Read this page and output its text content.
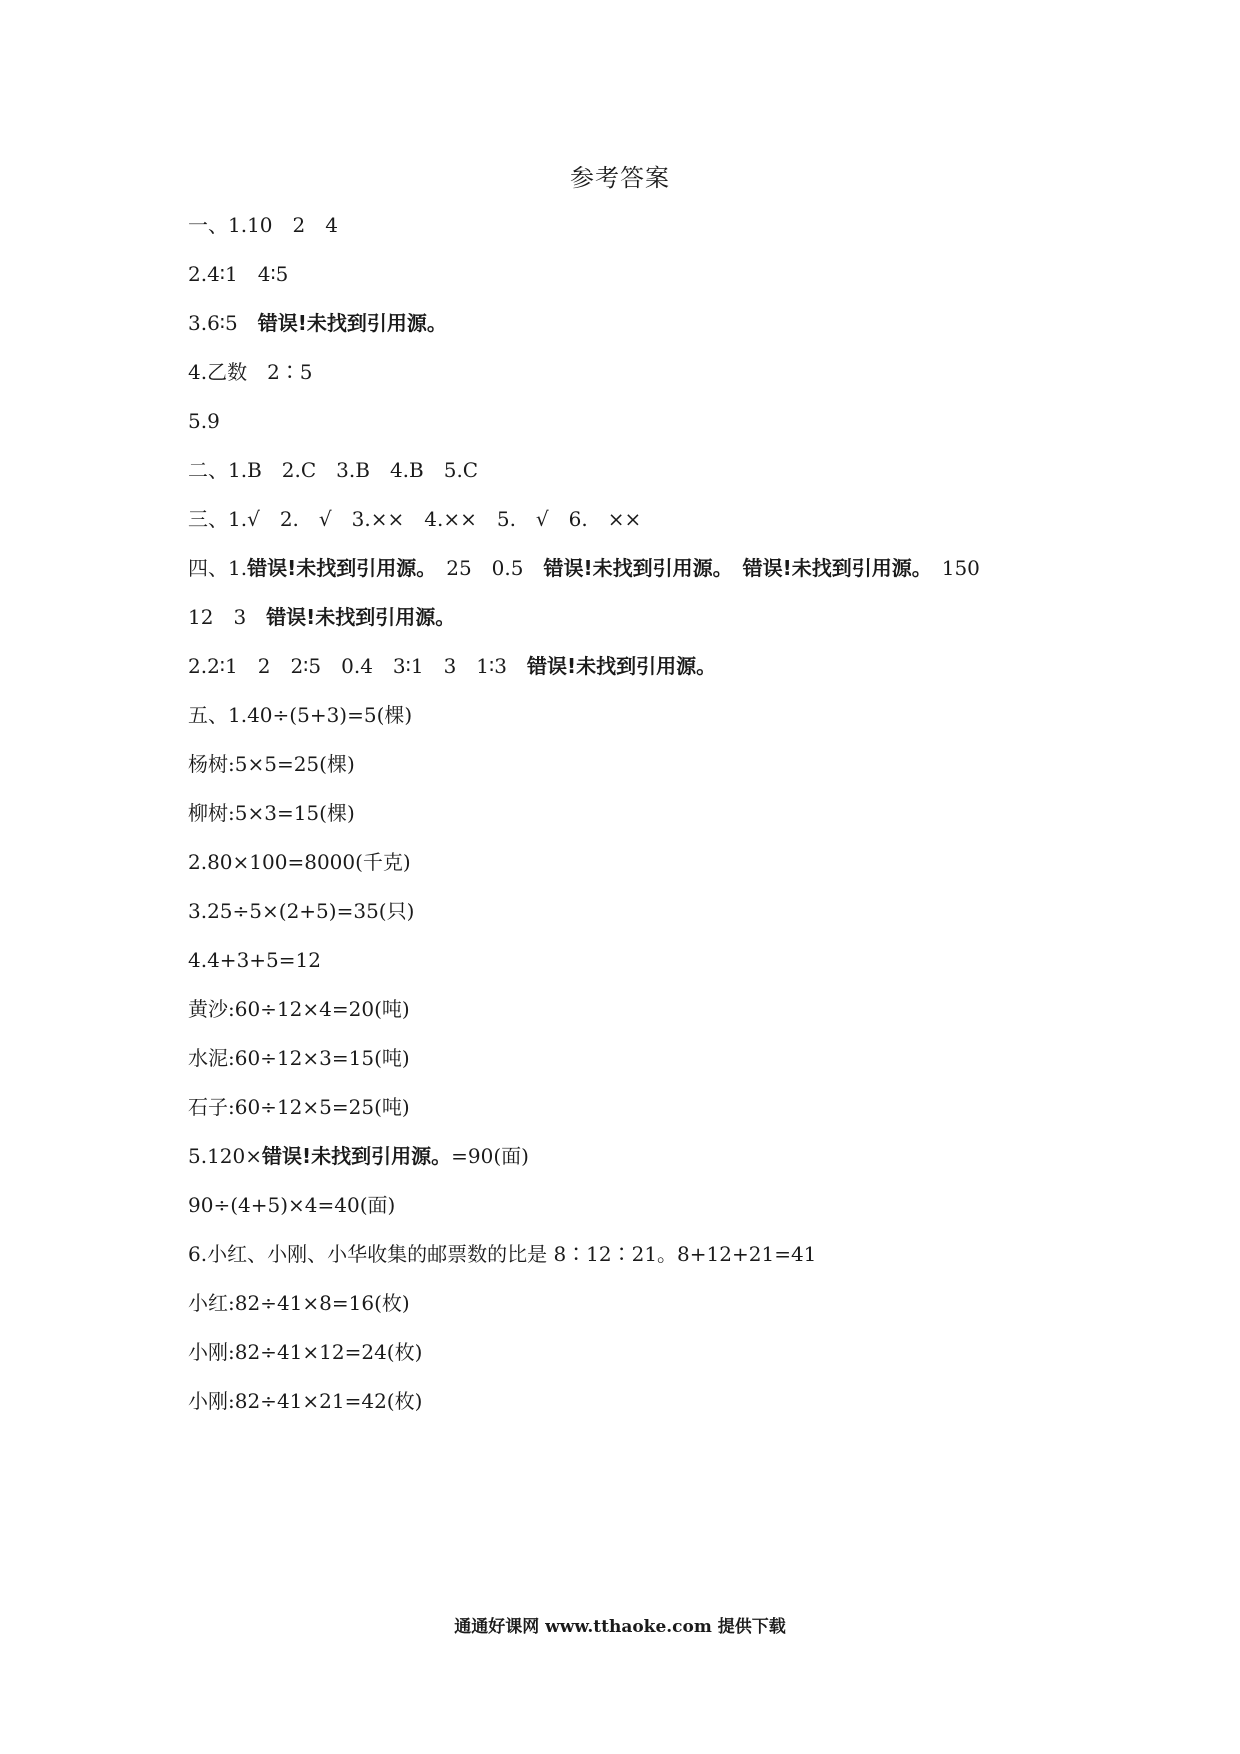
参考答案
一、1.10　2　4
2.4∶1　4∶5
3.6∶5　错误!未找到引用源。
4.乙数　2∶5
5.9
二、1.B　2.C　3.B　4.B　5.C
三、1.√　2.　√　3.××　4.××　5.　√　6.　××
四、1.错误!未找到引用源。　25　0.5　错误!未找到引用源。　 错误!未找到引用源。　150
12　3　错误!未找到引用源。
2.2∶1　2　2∶5　0.4　3∶1　3　1∶3　错误!未找到引用源。
五、1.40÷(5+3)=5(棵)
杨树:5×5=25(棵)
柳树:5×3=15(棵)
2.80×100=8000(千克)
3.25÷5×(2+5)=35(只)
4.4+3+5=12
黄沙:60÷12×4=20(吨)
水泥:60÷12×3=15(吨)
石子:60÷12×5=25(吨)
5.120×错误!未找到引用源。=90(面)
90÷(4+5)×4=40(面)
6.小红、小刚、小华收集的邮票数的比是 8∶12∶21。8+12+21=41
小红:82÷41×8=16(枚)
小刚:82÷41×12=24(枚)
小刚:82÷41×21=42(枚)
通通好课网 www.tthaoke.com 提供下载
